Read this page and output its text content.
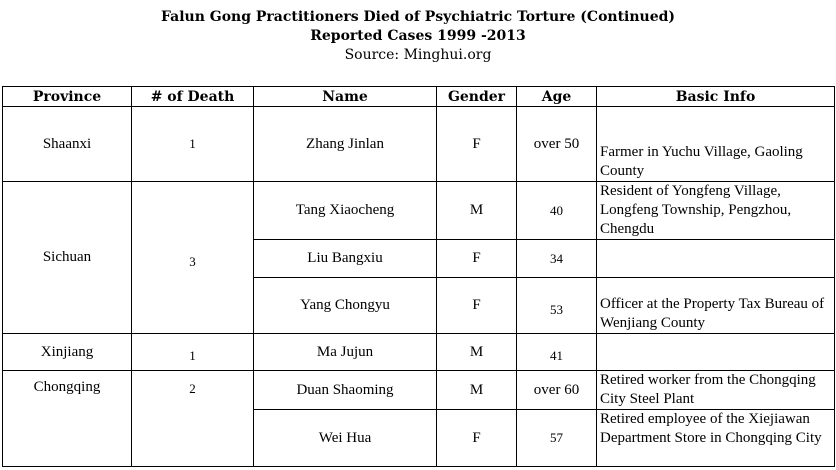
Falun Gong Practitioners Died of Psychiatric Torture (Continued)
Reported Cases 1999 -2013
Source: Minghui.org
Province	# of Death	Name	Gender	Age	Basic Info
Shaanxi	1	Zhang Jinlan	F	over 50	Farmer in Yuchu Village, Gaoling County
Sichuan	3	Tang Xiaocheng	M	40	Resident of Yongfeng Village, Longfeng Township, Pengzhou, Chengdu
		Liu Bangxiu	F	34	
		Yang Chongyu	F	53	Officer at the Property Tax Bureau of Wenjiang County
Xinjiang	1	Ma Jujun	M	41	
Chongqing	2	Duan Shaoming	M	over 60	Retired worker from the Chongqing City Steel Plant
		Wei Hua	F	57	Retired employee of the Xiejiawan Department Store in Chongqing City
